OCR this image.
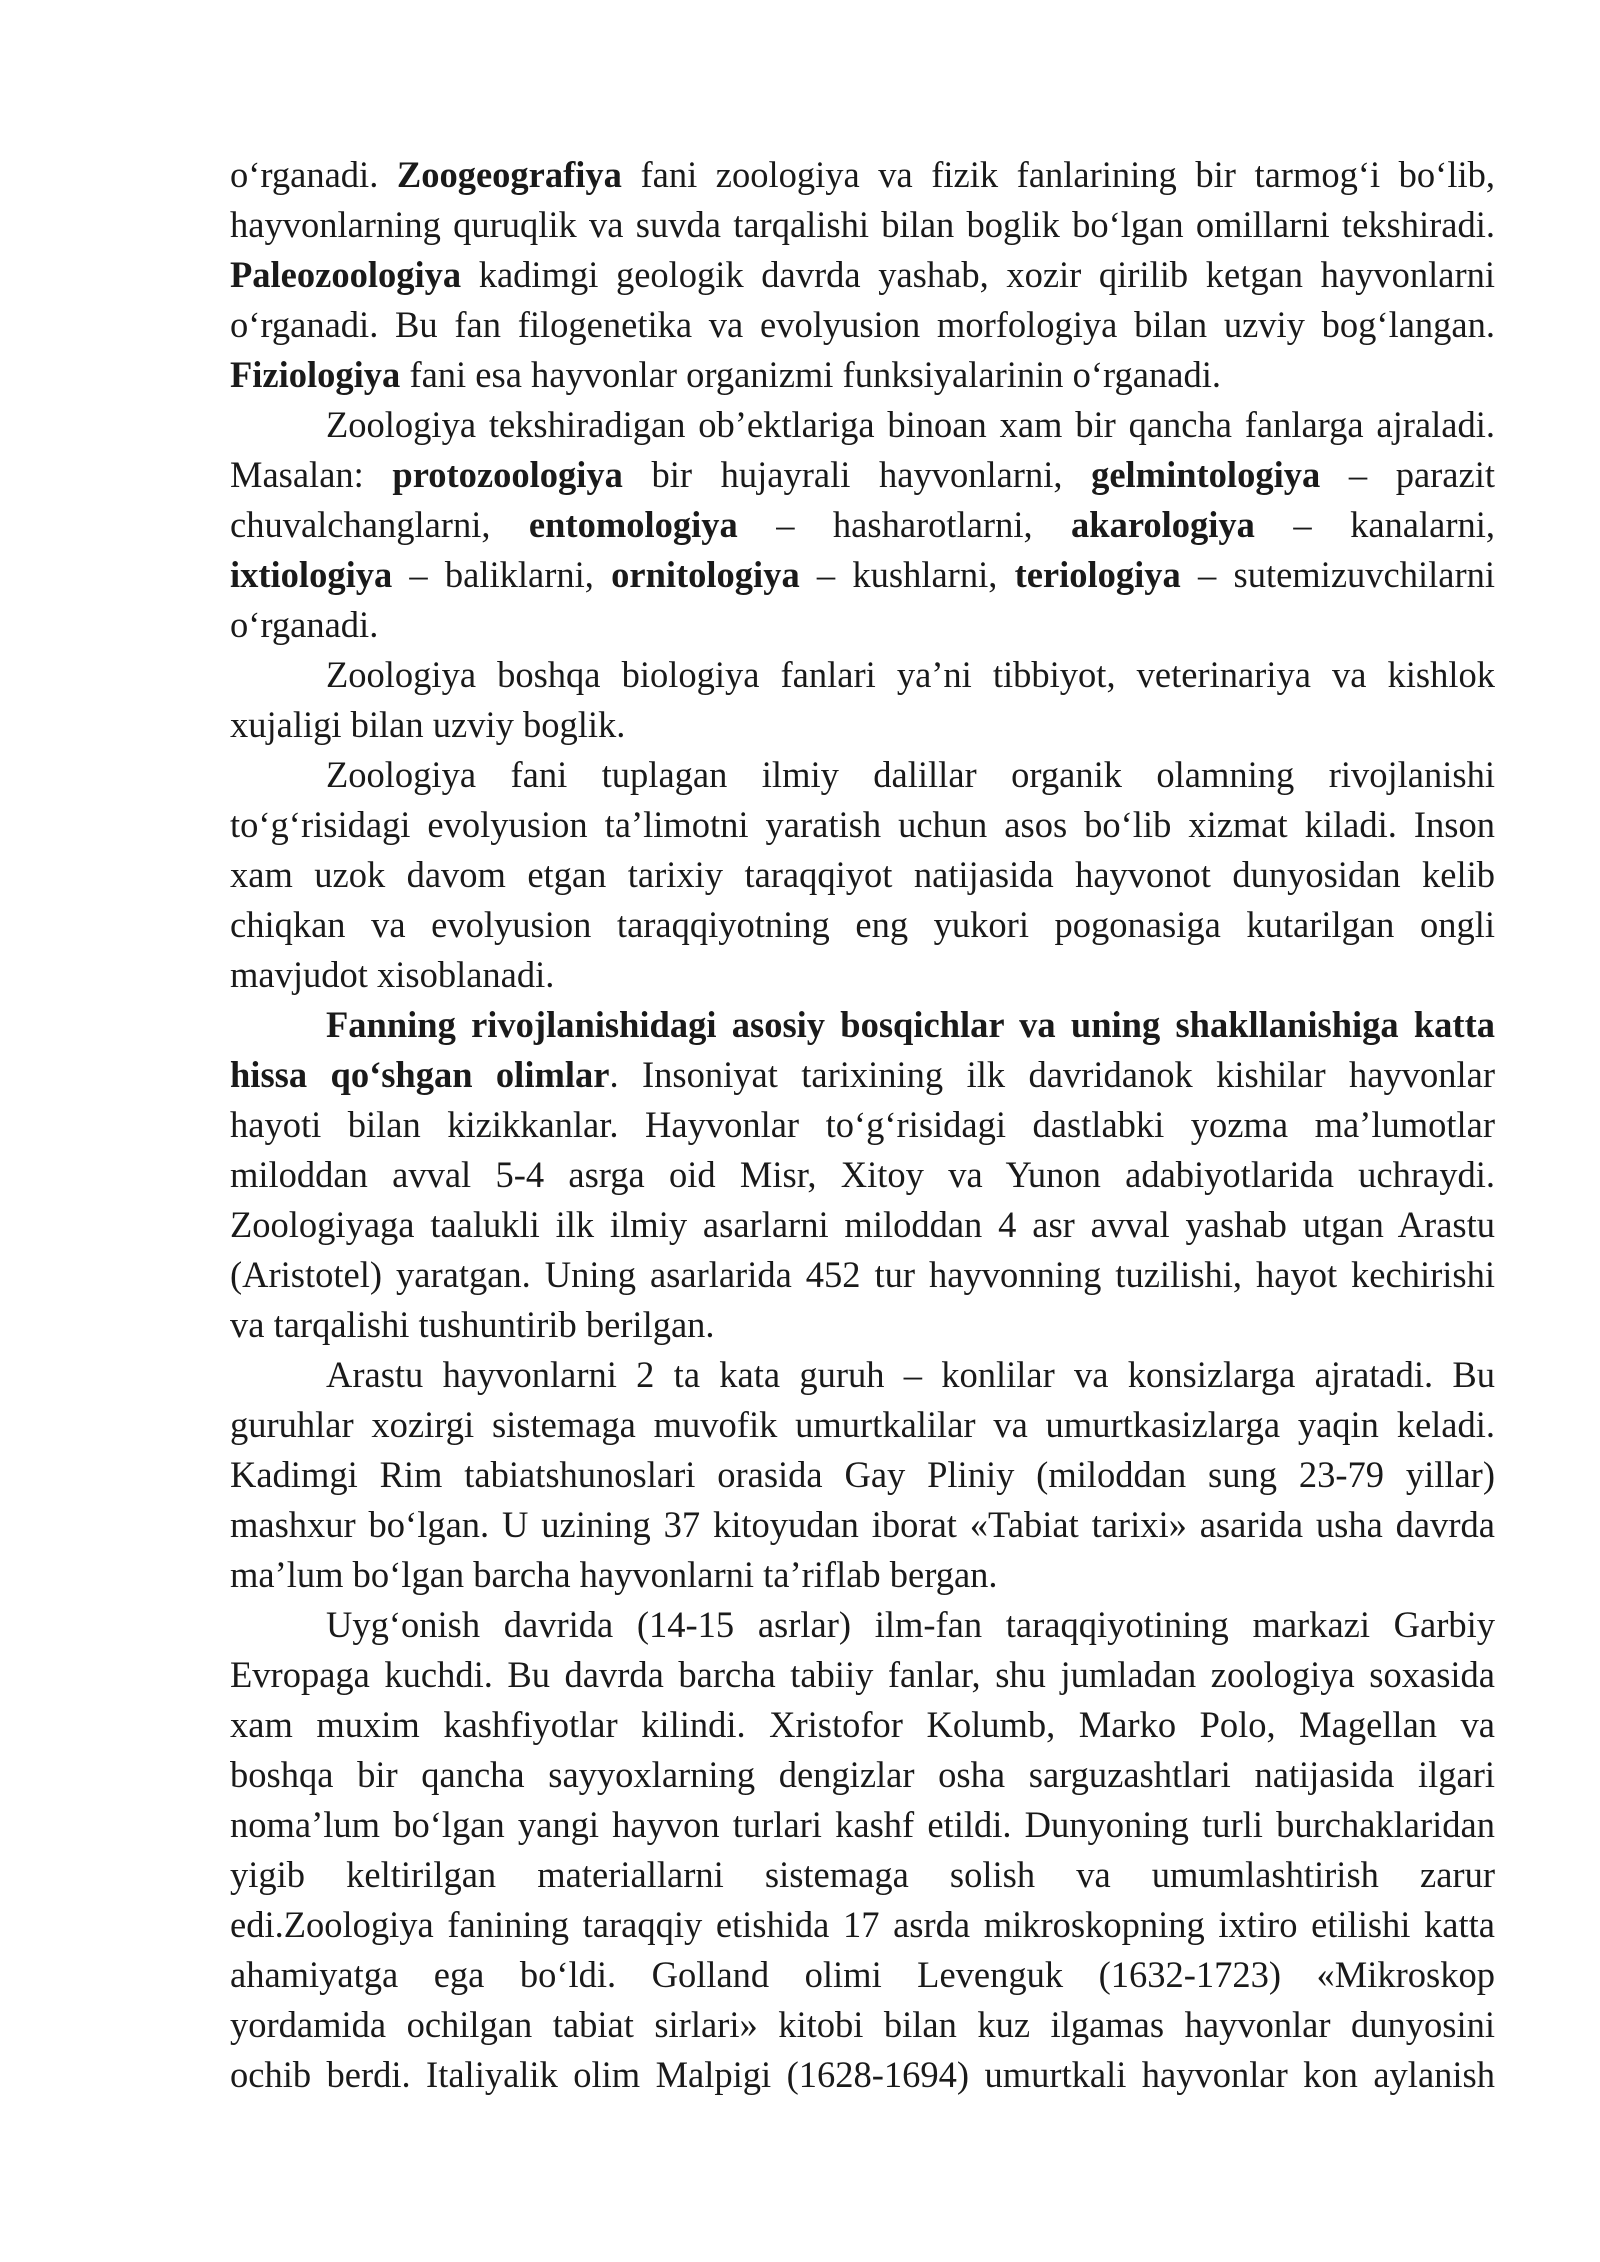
o‘rganadi. Zoogeografiya fani zoologiya va fizik fanlarining bir tarmog‘i bo‘lib,
hayvonlarning quruqlik va suvda tarqalishi bilan boglik bo‘lgan omillarni tekshiradi.
Paleozoologiya kadimgi geologik davrda yashab, xozir qirilib ketgan hayvonlarni
o‘rganadi. Bu fan filogenetika va evolyusion morfologiya bilan uzviy bog‘langan.
Fiziologiya fani esa hayvonlar organizmi funksiyalarinin o‘rganadi.
Zoologiya tekshiradigan ob’ektlariga binoan xam bir qancha fanlarga ajraladi.
Masalan: protozoologiya bir hujayrali hayvonlarni, gelmintologiya – parazit
chuvalchanglarni, entomologiya – hasharotlarni, akarologiya – kanalarni,
ixtiologiya – baliklarni, ornitologiya – kushlarni, teriologiya – sutemizuvchilarni
o‘rganadi.
Zoologiya boshqa biologiya fanlari ya’ni tibbiyot, veterinariya va kishlok
xujaligi bilan uzviy boglik.
Zoologiya fani tuplagan ilmiy dalillar organik olamning rivojlanishi
to‘g‘risidagi evolyusion ta’limotni yaratish uchun asos bo‘lib xizmat kiladi. Inson
xam uzok davom etgan tarixiy taraqqiyot natijasida hayvonot dunyosidan kelib
chiqkan va evolyusion taraqqiyotning eng yukori pogonasiga kutarilgan ongli
mavjudot xisoblanadi.
Fanning rivojlanishidagi asosiy bosqichlar va uning shakllanishiga katta
hissa qo‘shgan olimlar. Insoniyat tarixining ilk davridanok kishilar hayvonlar
hayoti bilan kizikkanlar. Hayvonlar to‘g‘risidagi dastlabki yozma ma’lumotlar
miloddan avval 5-4 asrga oid Misr, Xitoy va Yunon adabiyotlarida uchraydi.
Zoologiyaga taalukli ilk ilmiy asarlarni miloddan 4 asr avval yashab utgan Arastu
(Aristotel) yaratgan. Uning asarlarida 452 tur hayvonning tuzilishi, hayot kechirishi
va tarqalishi tushuntirib berilgan.
Arastu hayvonlarni 2 ta kata guruh – konlilar va konsizlarga ajratadi. Bu
guruhlar xozirgi sistemaga muvofik umurtkalilar va umurtkasizlarga yaqin keladi.
Kadimgi Rim tabiatshunoslari orasida Gay Pliniy (miloddan sung 23-79 yillar)
mashxur bo‘lgan. U uzining 37 kitoyudan iborat «Tabiat tarixi» asarida usha davrda
ma’lum bo‘lgan barcha hayvonlarni ta’riflab bergan.
Uyg‘onish davrida (14-15 asrlar) ilm-fan taraqqiyotining markazi Garbiy
Evropaga kuchdi. Bu davrda barcha tabiiy fanlar, shu jumladan zoologiya soxasida
xam muxim kashfiyotlar kilindi. Xristofor Kolumb, Marko Polo, Magellan va
boshqa bir qancha sayyoxlarning dengizlar osha sarguzashtlari natijasida ilgari
noma’lum bo‘lgan yangi hayvon turlari kashf etildi. Dunyoning turli burchaklaridan
yigib keltirilgan materiallarni sistemaga solish va umumlashtirish zarur
edi.Zoologiya fanining taraqqiy etishida 17 asrda mikroskopning ixtiro etilishi katta
ahamiyatga ega bo‘ldi. Golland olimi Levenguk (1632-1723) «Mikroskop
yordamida ochilgan tabiat sirlari» kitobi bilan kuz ilgamas hayvonlar dunyosini
ochib berdi. Italiyalik olim Malpigi (1628-1694) umurtkali hayvonlar kon aylanish
